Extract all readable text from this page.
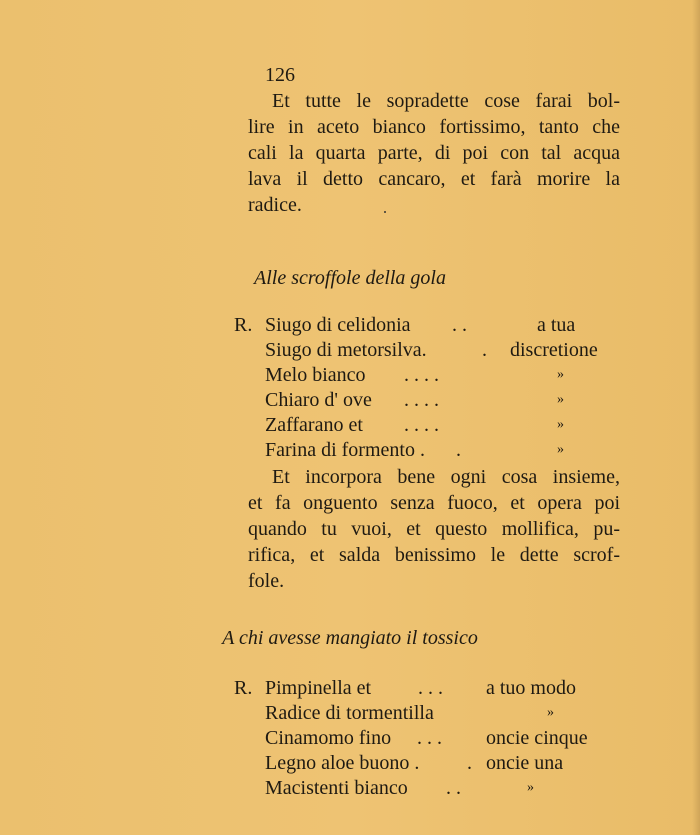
126
Et tutte le sopradette cose farai bol-
lire in aceto bianco fortissimo, tanto che
cali la quarta parte, di poi con tal acqua
lava il detto cancaro, et farà morire la
radice.
Alle scroffole della gola
R. Siugo di celidonia . .	a tua
Siugo di metorsilva.	. discretione
Melo bianco . . . .	»
Chiaro d' ove . . . .	»
Zaffarano et . . . .	»
Farina di formento . .	»
Et incorpora bene ogni cosa insieme,
et fa onguento senza fuoco, et opera poi
quando tu vuoi, et questo mollifica, pu-
rifica, et salda benissimo le dette scrof-
fole.
A chi avesse mangiato il tossico
R. Pimpinella et . . . a tuo modo
Radice di tormentilla	»
Cinamomo fino . . . oncie cinque
Legno aloe buono . . oncie una
Macistenti bianco . .	»
